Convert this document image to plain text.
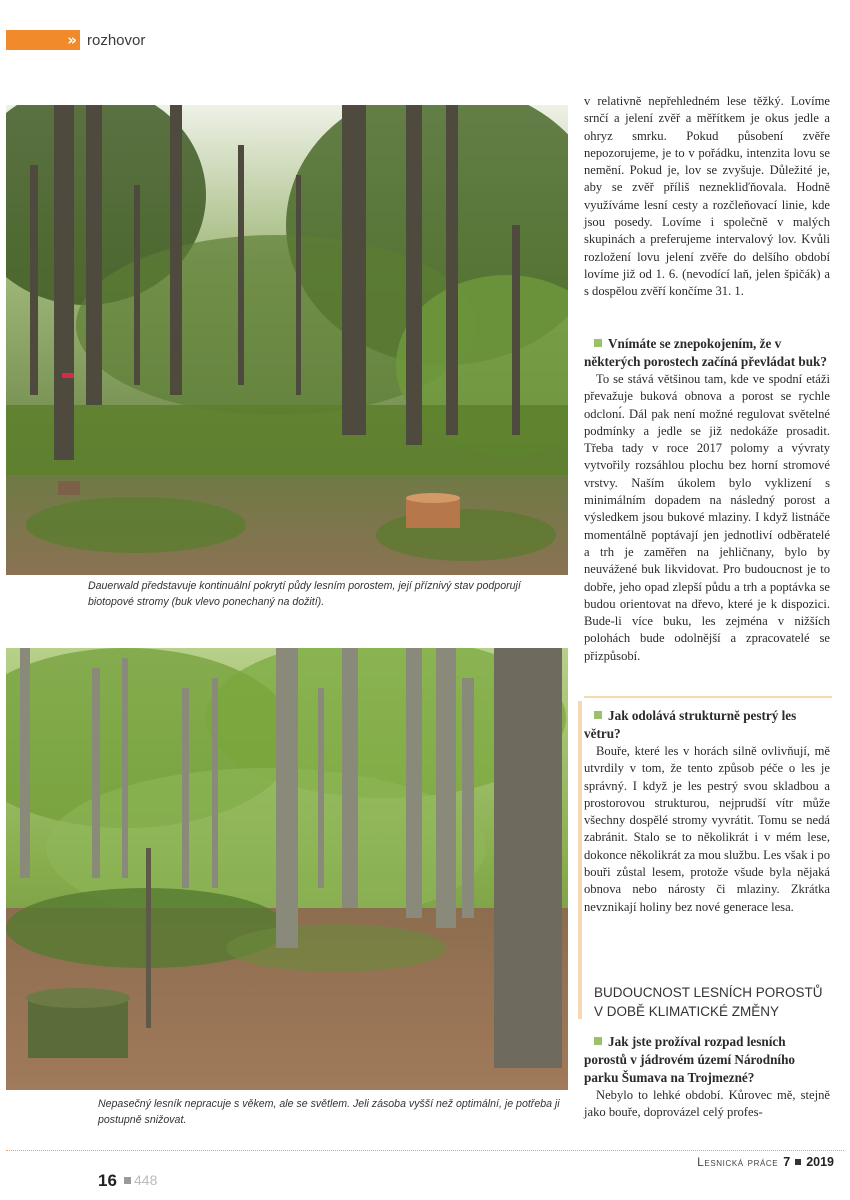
» rozhovor
Dauerwald představuje kontinuální pokrytí půdy lesním porostem, její příznivý stav podporují biotopové stromy (buk vlevo ponechaný na dožití).
Nepasečný lesník nepracuje s věkem, ale se světlem. Jeli zásoba vyšší než optimální, je potřeba ji postupně snižovat.

v relativně nepřehledném lese těžký. Lovíme srnčí a jelení zvěř a měřítkem je okus jedle a ohryz smrku. Pokud působení zvěře nepozorujeme, je to v pořádku, intenzita lovu se nemění. Pokud je, lov se zvyšuje. Důležité je, aby se zvěř příliš neznekliďňovala. Hodně využíváme lesní cesty a rozčleňovací linie, kde jsou posedy. Lovíme i společně v malých skupinách a preferujeme intervalový lov. Kvůli rozložení lovu jelení zvěře do delšího období lovíme již od 1. 6. (nevodící laň, jelen špičák) a s dospělou zvěří končíme 31. 1.

Vnímáte se znepokojením, že v některých porostech začíná převládat buk?

To se stává většinou tam, kde ve spodní etáži převažuje buková obnova a porost se rychle odclonı́. Dál pak není možné regulovat světelné podmínky a jedle se již nedokáže prosadit. Třeba tady v roce 2017 polomy a vývraty vytvořily rozsáhlou plochu bez horní stromové vrstvy. Naším úkolem bylo vyklizení s minimálním dopadem na následný porost a výsledkem jsou bukové mlaziny. I když listnáče momentálně poptávají jen jednotliví odběratelé a trh je zaměřen na jehličnany, bylo by neuvážené buk likvidovat. Pro budoucnost je to dobře, jeho opad zlepší půdu a trh a poptávka se budou orientovat na dřevo, které je k dispozici. Bude-li více buku, les zejména v nižších polohách bude odolnější a zpracovatelé se přizpůsobí.

Jak odolává strukturně pestrý les větru?

Bouře, které les v horách silně ovlivňují, mě utvrdily v tom, že tento způsob péče o les je správný. I když je les pestrý svou skladbou a prostorovou strukturou, nejprudší vítr může všechny dospělé stromy vyvrátit. Tomu se nedá zabránit. Stalo se to několikrát i v mém lese, dokonce několikrát za mou službu. Les však i po bouři zůstal lesem, protože všude byla nějaká obnova nebo nárosty či mlaziny. Zkrátka nevznikají holiny bez nové generace lesa.

BUDOUCNOST LESNÍCH POROSTŮ
V DOBĚ KLIMATICKÉ ZMĚNY
Jak jste prožíval rozpad lesních porostů v jádrovém území Národního parku Šumava na Trojmezné?

Nebylo to lehké období. Kůrovec mě, stejně jako bouře, doprovázel celý profes-

16 448
Lesnická práce 7 2019
